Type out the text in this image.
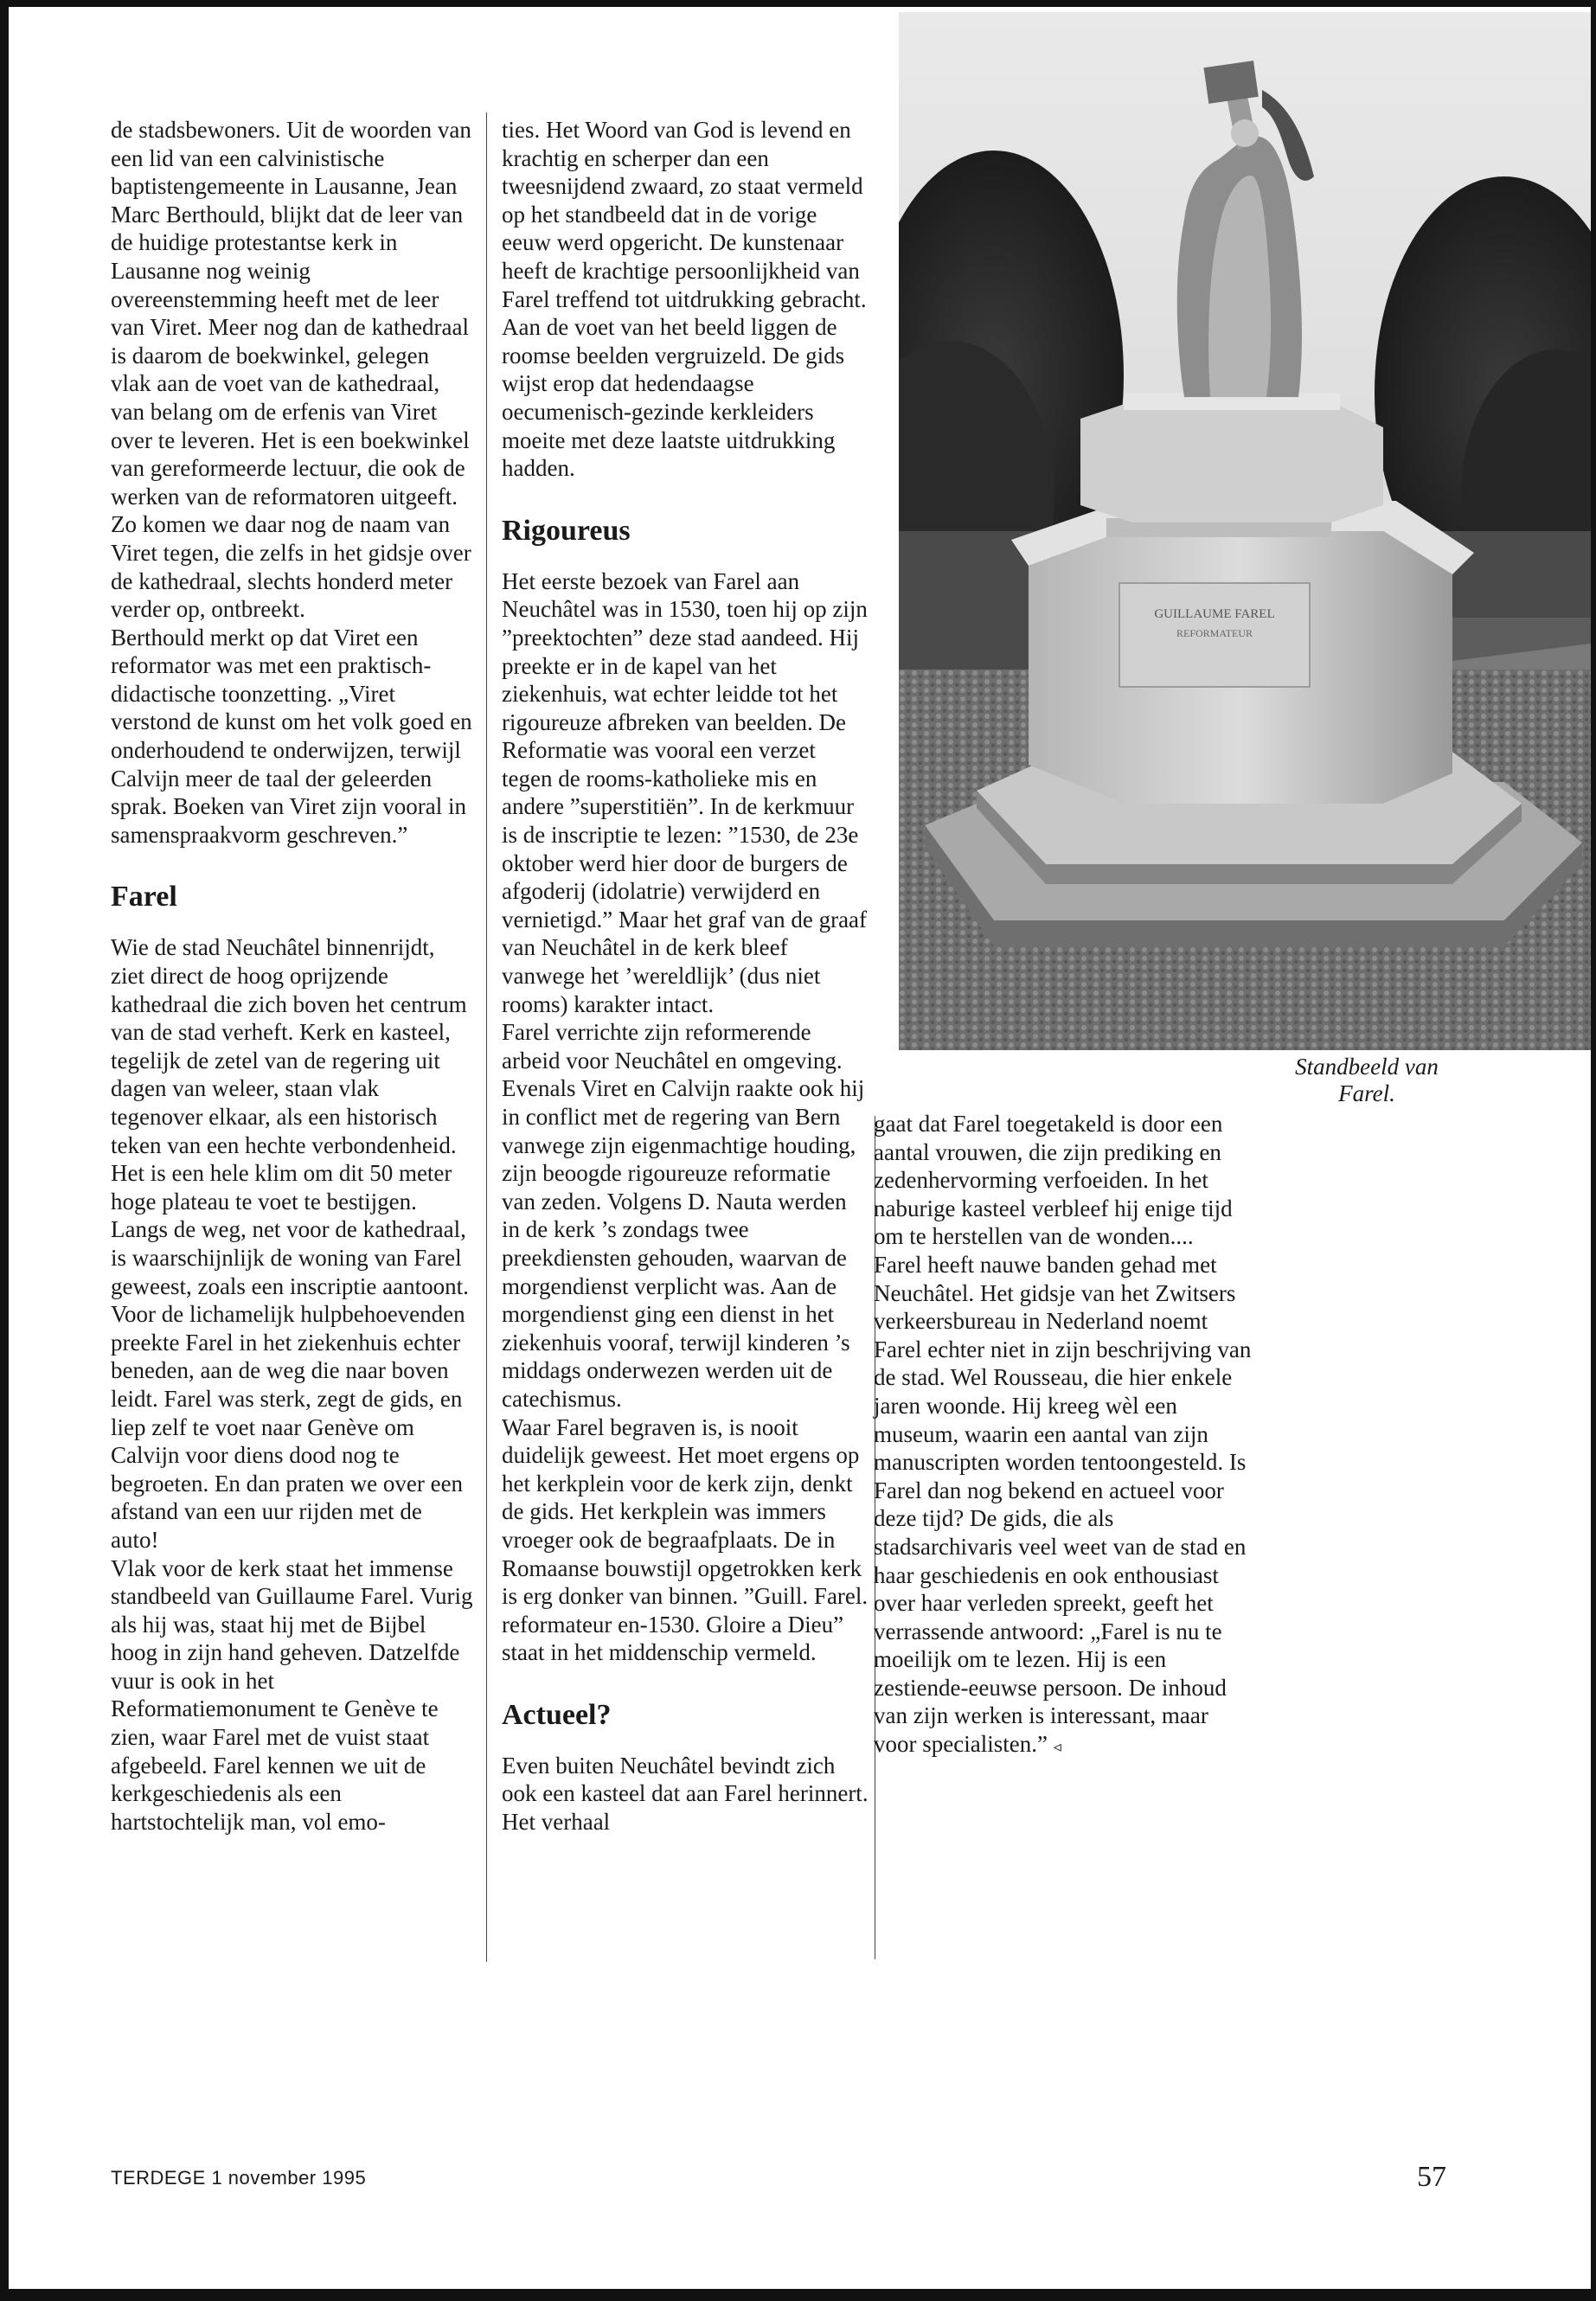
de stadsbewoners. Uit de woorden van een lid van een calvinistische baptistengemeente in Lausanne, Jean Marc Berthould, blijkt dat de leer van de huidige protestantse kerk in Lausanne nog weinig overeenstemming heeft met de leer van Viret. Meer nog dan de kathedraal is daarom de boekwinkel, gelegen vlak aan de voet van de kathedraal, van belang om de erfenis van Viret over te leveren. Het is een boekwinkel van gereformeerde lectuur, die ook de werken van de reformatoren uitgeeft. Zo komen we daar nog de naam van Viret tegen, die zelfs in het gidsje over de kathedraal, slechts honderd meter verder op, ontbreekt.

Berthould merkt op dat Viret een reformator was met een praktisch-didactische toonzetting. „Viret verstond de kunst om het volk goed en onderhoudend te onderwijzen, terwijl Calvijn meer de taal der geleerden sprak. Boeken van Viret zijn vooral in samenspraakvorm geschreven.”

Farel

Wie de stad Neuchâtel binnenrijdt, ziet direct de hoog oprijzende kathedraal die zich boven het centrum van de stad verheft. Kerk en kasteel, tegelijk de zetel van de regering uit dagen van weleer, staan vlak tegenover elkaar, als een historisch teken van een hechte verbondenheid.

Het is een hele klim om dit 50 meter hoge plateau te voet te bestijgen. Langs de weg, net voor de kathedraal, is waarschijnlijk de woning van Farel geweest, zoals een inscriptie aantoont. Voor de lichamelijk hulpbehoevenden preekte Farel in het ziekenhuis echter beneden, aan de weg die naar boven leidt. Farel was sterk, zegt de gids, en liep zelf te voet naar Genève om Calvijn voor diens dood nog te begroeten. En dan praten we over een afstand van een uur rijden met de auto!

Vlak voor de kerk staat het immense standbeeld van Guillaume Farel. Vurig als hij was, staat hij met de Bijbel hoog in zijn hand geheven. Datzelfde vuur is ook in het Reformatiemonument te Genève te zien, waar Farel met de vuist staat afgebeeld. Farel kennen we uit de kerkgeschiedenis als een hartstochtelijk man, vol emo-

ties. Het Woord van God is levend en krachtig en scherper dan een tweesnijdend zwaard, zo staat vermeld op het standbeeld dat in de vorige eeuw werd opgericht. De kunstenaar heeft de krachtige persoonlijkheid van Farel treffend tot uitdrukking gebracht. Aan de voet van het beeld liggen de roomse beelden vergruizeld. De gids wijst erop dat hedendaagse oecumenisch-gezinde kerkleiders moeite met deze laatste uitdrukking hadden.

Rigoureus

Het eerste bezoek van Farel aan Neuchâtel was in 1530, toen hij op zijn ”preektochten” deze stad aandeed. Hij preekte er in de kapel van het ziekenhuis, wat echter leidde tot het rigoureuze afbreken van beelden. De Reformatie was vooral een verzet tegen de rooms-katholieke mis en andere ”superstitiën”. In de kerkmuur is de inscriptie te lezen: ”1530, de 23e oktober werd hier door de burgers de afgoderij (idolatrie) verwijderd en vernietigd.” Maar het graf van de graaf van Neuchâtel in de kerk bleef vanwege het ’wereldlijk’ (dus niet rooms) karakter intact.

Farel verrichte zijn reformerende arbeid voor Neuchâtel en omgeving. Evenals Viret en Calvijn raakte ook hij in conflict met de regering van Bern vanwege zijn eigenmachtige houding, zijn beoogde rigoureuze reformatie van zeden. Volgens D. Nauta werden in de kerk ’s zondags twee preekdiensten gehouden, waarvan de morgendienst verplicht was. Aan de morgendienst ging een dienst in het ziekenhuis vooraf, terwijl kinderen ’s middags onderwezen werden uit de catechismus.

Waar Farel begraven is, is nooit duidelijk geweest. Het moet ergens op het kerkplein voor de kerk zijn, denkt de gids. Het kerkplein was immers vroeger ook de begraafplaats. De in Romaanse bouwstijl opgetrokken kerk is erg donker van binnen. ”Guill. Farel. reformateur en-1530. Gloire a Dieu” staat in het middenschip vermeld.

Actueel?

Even buiten Neuchâtel bevindt zich ook een kasteel dat aan Farel herinnert. Het verhaal

GUILLAUME FAREL
REFORMATEUR
Standbeeld van Farel.

gaat dat Farel toegetakeld is door een aantal vrouwen, die zijn prediking en zedenhervorming verfoeiden. In het naburige kasteel verbleef hij enige tijd om te herstellen van de wonden....

Farel heeft nauwe banden gehad met Neuchâtel. Het gidsje van het Zwitsers verkeersbureau in Nederland noemt Farel echter niet in zijn beschrijving van de stad. Wel Rousseau, die hier enkele jaren woonde. Hij kreeg wèl een museum, waarin een aantal van zijn manuscripten worden tentoongesteld. Is Farel dan nog bekend en actueel voor deze tijd? De gids, die als stadsarchivaris veel weet van de stad en haar geschiedenis en ook enthousiast over haar verleden spreekt, geeft het verrassende antwoord: „Farel is nu te moeilijk om te lezen. Hij is een zestiende-eeuwse persoon. De inhoud van zijn werken is interessant, maar voor specialisten.” ◃

TERDEGE 1 november 1995	57
